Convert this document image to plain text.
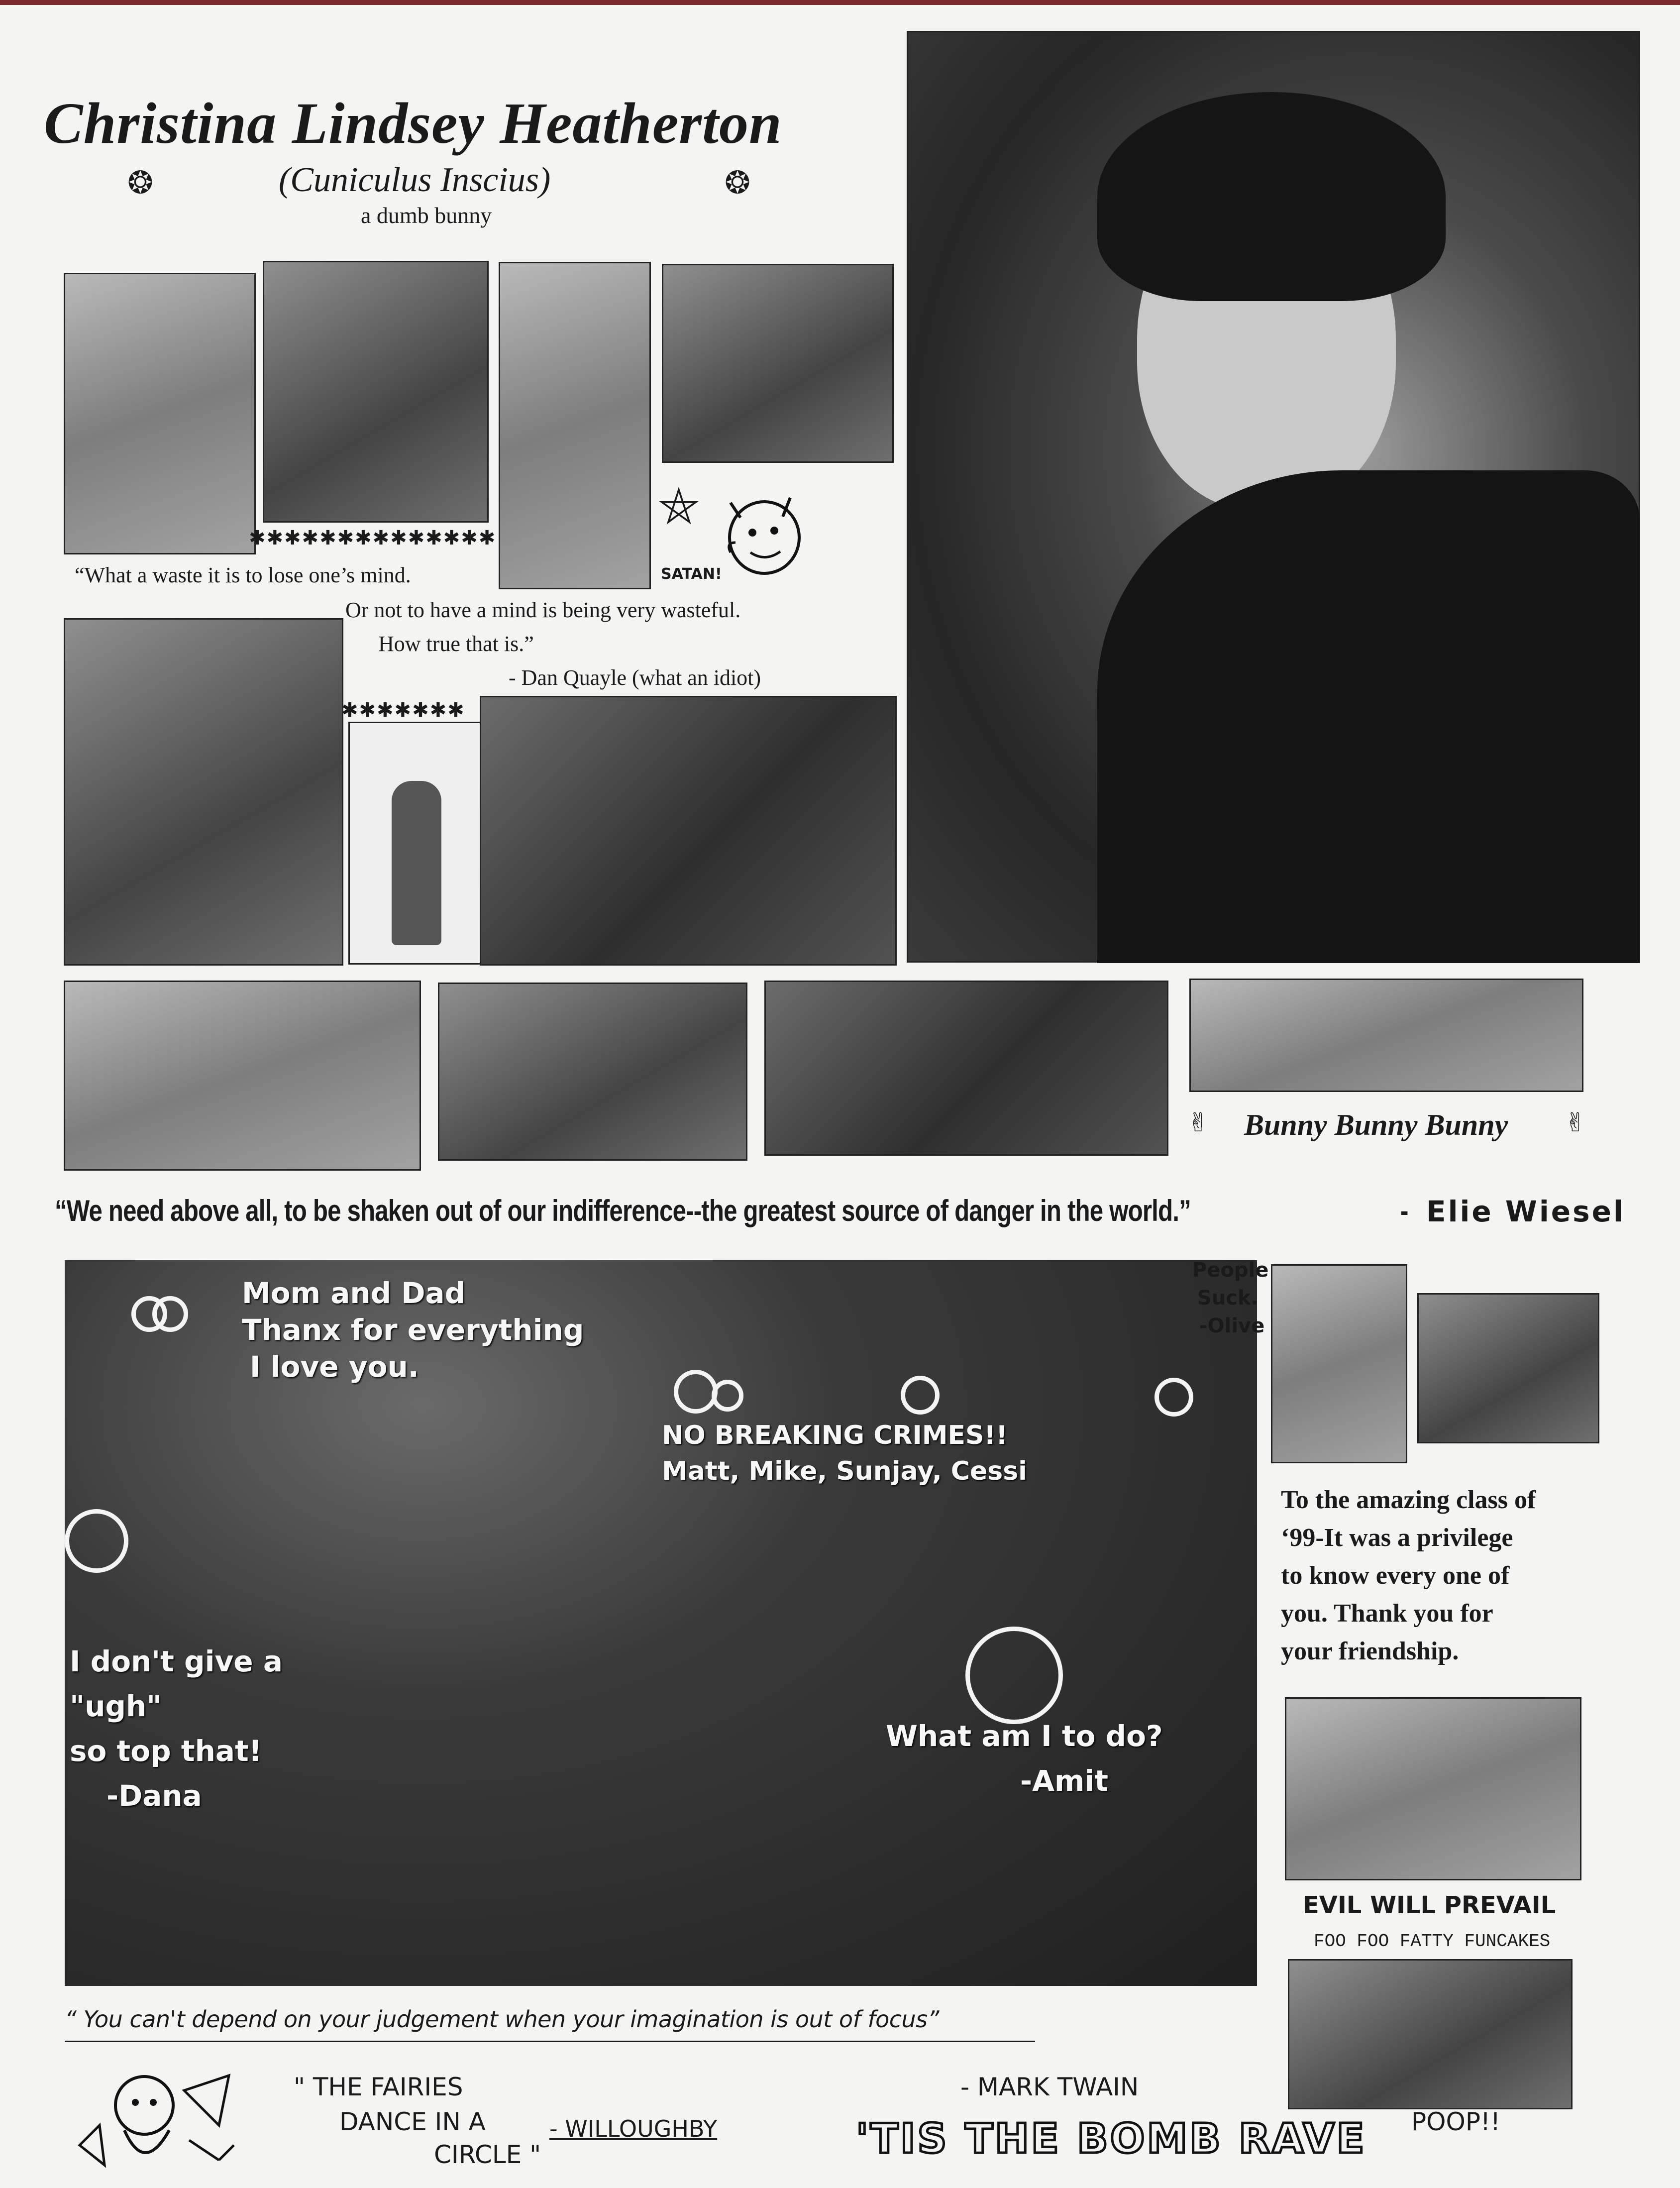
Christina Lindsey Heatherton
❂	(Cuniculus Inscius)	❂
a dumb bunny
✱✱✱✱✱✱✱✱✱✱✱✱✱✱
⛤
SATAN!
“What a waste it is to lose one’s mind.
Or not to have a mind is being very wasteful.
How true that is.”
- Dan Quayle (what an idiot)
✱✱✱✱✱✱✱
✌ Bunny Bunny Bunny ✌
“We need above all, to be shaken out of our indifference--the greatest source of danger in the world.”	- Elie Wiesel
Mom and Dad
Thanx for everything
I love you.
NO BREAKING CRIMES!!
Matt, Mike, Sunjay, Cessi
I don't give a
"ugh"
so top that!
-Dana
What am I to do?
-Amit
People
Suck.
-Olive
To the amazing class of
‘99-It was a privilege
to know every one of
you. Thank you for
your friendship.
EVIL WILL PREVAIL
FOO FOO FATTY FUNCAKES
“ You can't depend on your judgement when your imagination is out of focus”
- MARK TWAIN
" THE FAIRIES
DANCE IN A
CIRCLE "
- WILLOUGHBY	'TIS THE BOMB RAVE POOP!!
